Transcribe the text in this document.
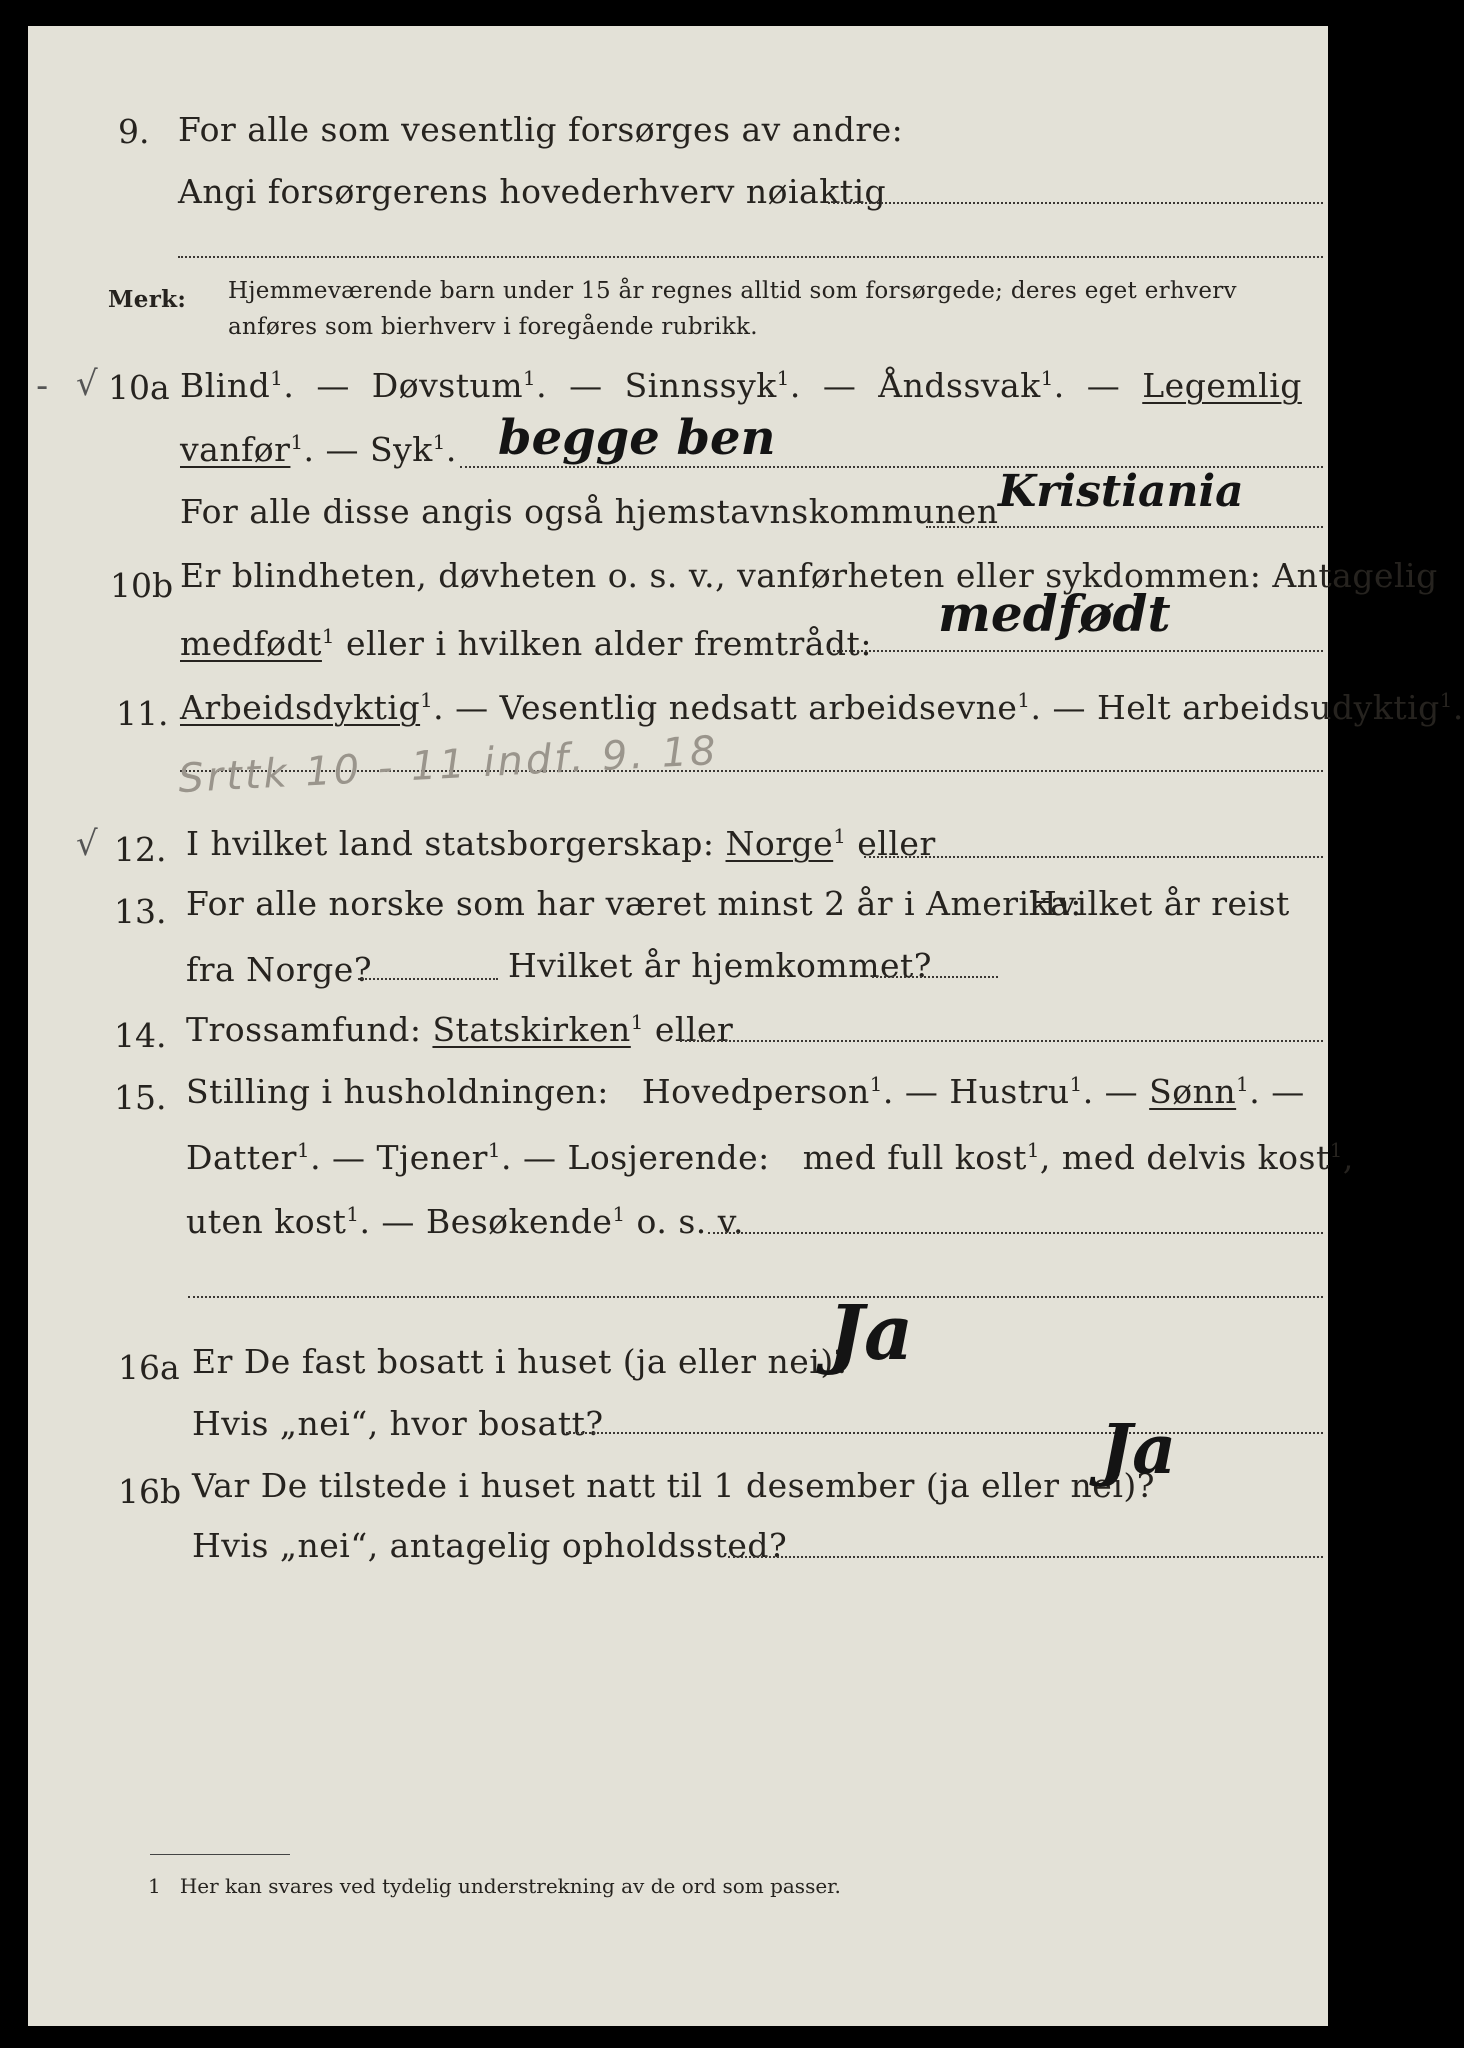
9. For alle som vesentlig forsørges av andre:
Angi forsørgerens hovederhverv nøiaktig
Merk: Hjemmeværende barn under 15 år regnes alltid som forsørgede; deres eget erhverv
anføres som bierhverv i foregående rubrikk.
- √ 10a Blind$^1$.  —  Døvstum$^1$.  —  Sinnssyk$^1$.  —  Åndssvak$^1$.  —  Legemlig
vanfør$^1$. — Syk$^1$. begge ben
For alle disse angis også hjemstavnskommunen Kristiania
10b Er blindheten, døvheten o. s. v., vanførheten eller sykdommen: Antagelig
medfødt$^1$ eller i hvilken alder fremtrådt:
medfødt
11. Arbeidsdyktig$^1$. — Vesentlig nedsatt arbeidsevne$^1$. — Helt arbeidsudyktig$^1$.
Srttk 10 - 11 indf. 9. 18
√ 12. I hvilket land statsborgerskap: Norge$^1$ eller
13. For alle norske som har været minst 2 år i Amerika:
Hvilket år reist
fra Norge?	Hvilket år hjemkommet?
14. Trossamfund: Statskirken$^1$ eller
15. Stilling i husholdningen: Hovedperson$^1$. — Hustru$^1$. — Sønn$^1$. —
Datter$^1$. — Tjener$^1$. — Losjerende: med full kost$^1$, med delvis kost$^1$,
uten kost$^1$. — Besøkende$^1$ o. s. v.
16a Er De fast bosatt i huset (ja eller nei)?
Ja
Hvis „nei“, hvor bosatt?
16b Var De tilstede i huset natt til 1 desember (ja eller nei)?
Ja
Hvis „nei“, antagelig opholdssted?
1 Her kan svares ved tydelig understrekning av de ord som passer.
